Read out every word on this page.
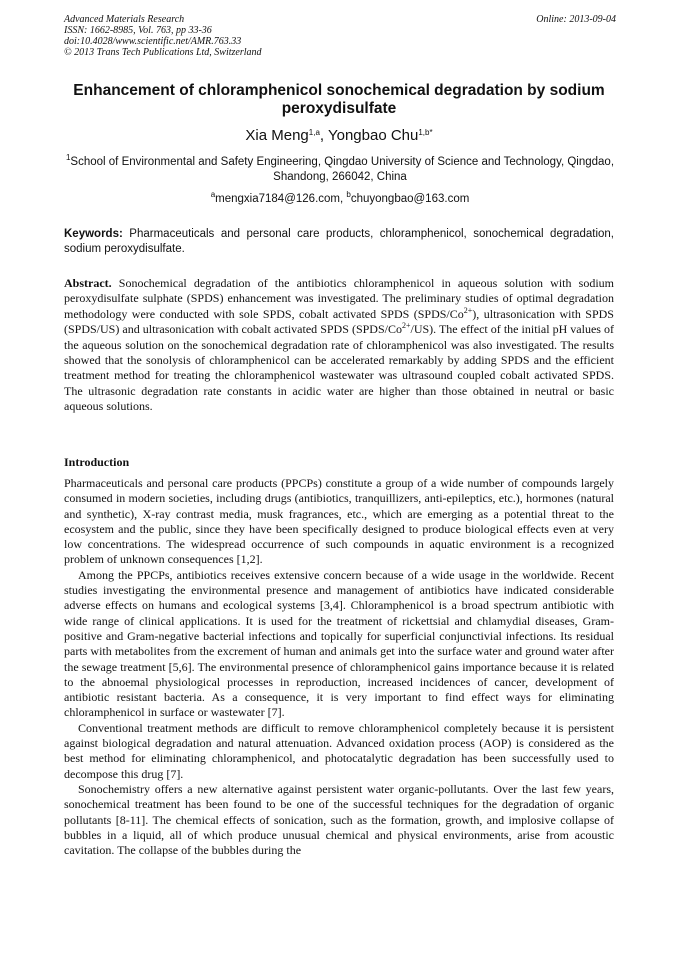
Advanced Materials Research
ISSN: 1662-8985, Vol. 763, pp 33-36
doi:10.4028/www.scientific.net/AMR.763.33
© 2013 Trans Tech Publications Ltd, Switzerland
Online: 2013-09-04
Enhancement of chloramphenicol sonochemical degradation by sodium peroxydisulfate
Xia Meng$^{1,a}$, Yongbao Chu$^{1,b*}$
$^1$School of Environmental and Safety Engineering, Qingdao University of Science and Technology, Qingdao, Shandong, 266042, China
$^a$mengxia7184@126.com, $^b$chuyongbao@163.com
Keywords: Pharmaceuticals and personal care products, chloramphenicol, sonochemical degradation, sodium peroxydisulfate.
Abstract. Sonochemical degradation of the antibiotics chloramphenicol in aqueous solution with sodium peroxydisulfate sulphate (SPDS) enhancement was investigated. The preliminary studies of optimal degradation methodology were conducted with sole SPDS, cobalt activated SPDS $(SPDS/Co^{2+})$, ultrasonication with SPDS (SPDS/US) and ultrasonication with cobalt activated SPDS $(SPDS/Co^{2+}/US)$. The effect of the initial pH values of the aqueous solution on the sonochemical degradation rate of chloramphenicol was also investigated. The results showed that the sonolysis of chloramphenicol can be accelerated remarkably by adding SPDS and the efficient treatment method for treating the chloramphenicol wastewater was ultrasound coupled cobalt activated SPDS. The ultrasonic degradation rate constants in acidic water are higher than those obtained in neutral or basic aqueous solutions.
Introduction

Pharmaceuticals and personal care products (PPCPs) constitute a group of a wide number of compounds largely consumed in modern societies, including drugs (antibiotics, tranquillizers, anti-epileptics, etc.), hormones (natural and synthetic), X-ray contrast media, musk fragrances, etc., which are emerging as a potential threat to the ecosystem and the public, since they have been specifically designed to produce biological effects even at very low concentrations. The widespread occurrence of such compounds in aquatic environment is a recognized problem of unknown consequences [1,2].

Among the PPCPs, antibiotics receives extensive concern because of a wide usage in the worldwide. Recent studies investigating the environmental presence and management of antibiotics have indicated considerable adverse effects on humans and ecological systems [3,4]. Chloramphenicol is a broad spectrum antibiotic with wide range of clinical applications. It is used for the treatment of rickettsial and chlamydial diseases, Gram-positive and Gram-negative bacterial infections and topically for superficial conjunctivial infections. Its residual parts with metabolites from the excrement of human and animals get into the surface water and ground water after the sewage treatment [5,6]. The environmental presence of chloramphenicol gains importance because it is related to the abnoemal physiological processes in reproduction, increased incidences of cancer, development of antibiotic resistant bacteria. As a consequence, it is very important to find effect ways for eliminating chloramphenicol in surface or wastewater [7].

Conventional treatment methods are difficult to remove chloramphenicol completely because it is persistent against biological degradation and natural attenuation. Advanced oxidation process (AOP) is considered as the best method for eliminating chloramphenicol, and photocatalytic degradation has been successfully used to decompose this drug [7].

Sonochemistry offers a new alternative against persistent water organic-pollutants. Over the last few years, sonochemical treatment has been found to be one of the successful techniques for the degradation of organic pollutants [8-11]. The chemical effects of sonication, such as the formation, growth, and implosive collapse of bubbles in a liquid, all of which produce unusual chemical and physical environments, arise from acoustic cavitation. The collapse of the bubbles during the
